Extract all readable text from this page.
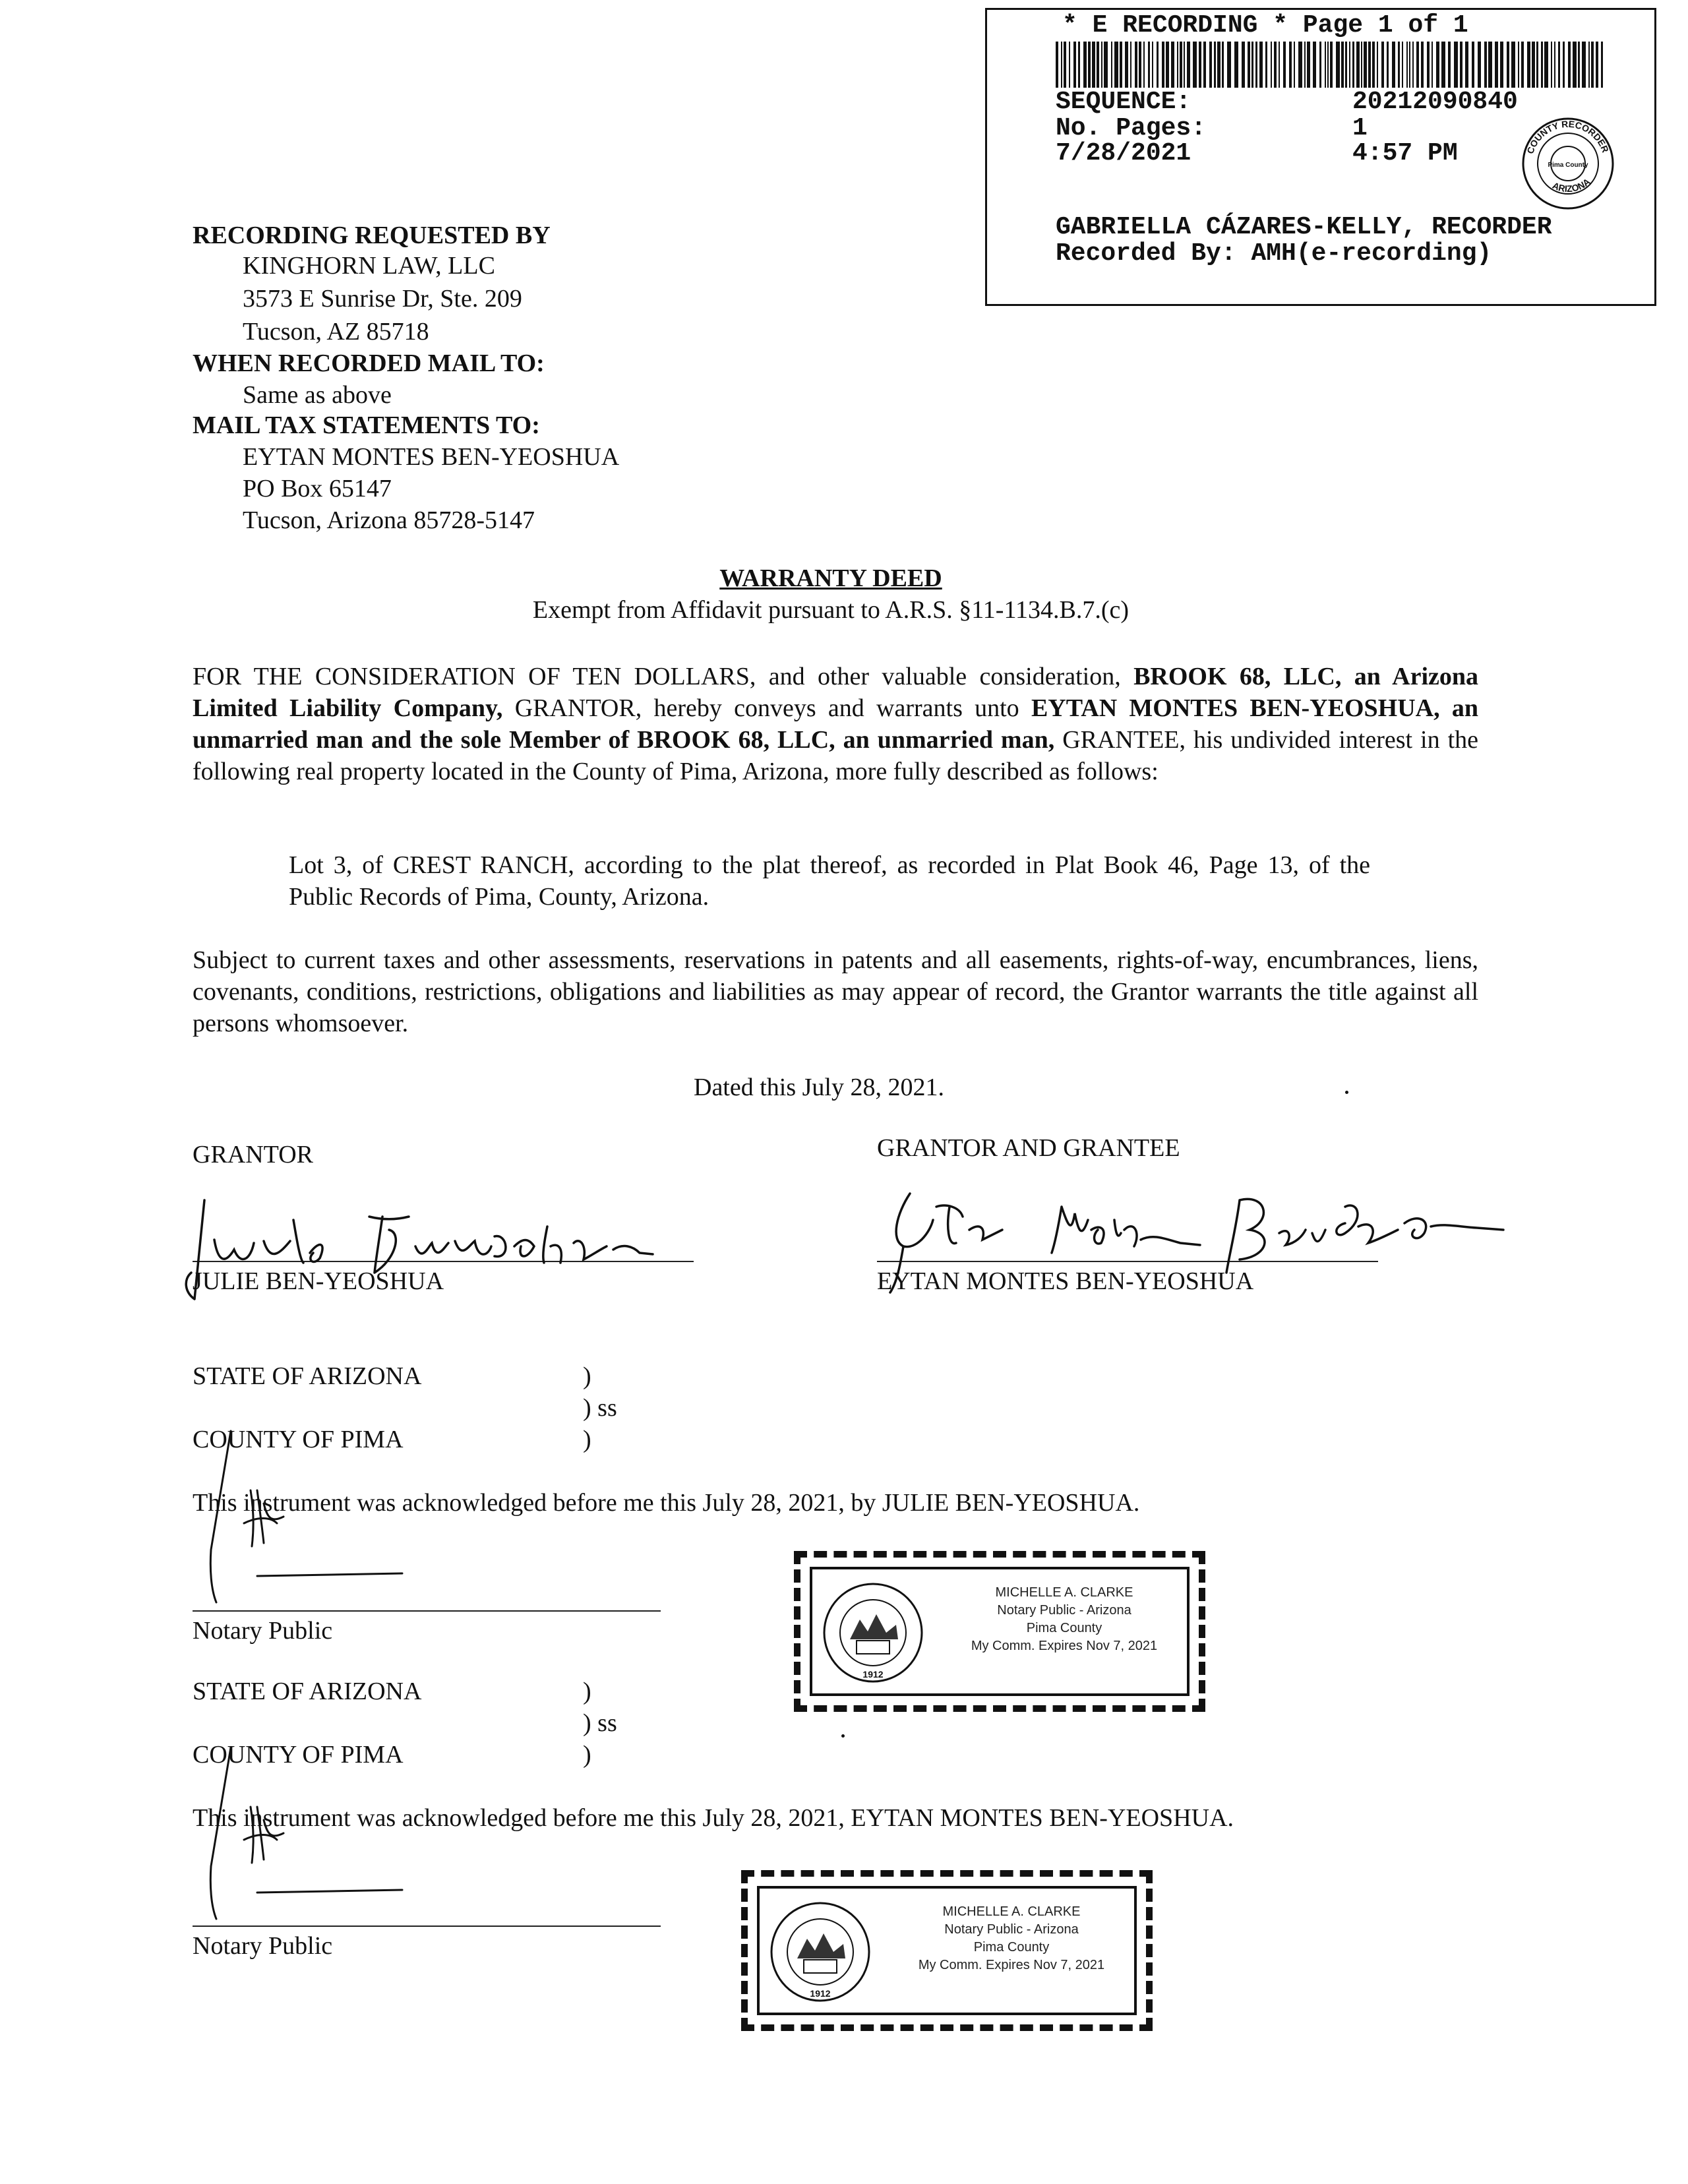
* E RECORDING * Page 1 of 1
SEQUENCE:	20212090840
No. Pages:	1
7/28/2021	4:57 PM	COUNTY RECORDER
ARIZONA
Pima County
GABRIELLA CÁZARES-KELLY, RECORDER
Recorded By: AMH(e-recording)
RECORDING REQUESTED BY
KINGHORN LAW, LLC
3573 E Sunrise Dr, Ste. 209
Tucson, AZ 85718
WHEN RECORDED MAIL TO:
Same as above
MAIL TAX STATEMENTS TO:
EYTAN MONTES BEN-YEOSHUA
PO Box 65147
Tucson, Arizona 85728-5147
WARRANTY DEED
Exempt from Affidavit pursuant to A.R.S. §11-1134.B.7.(c)
FOR THE CONSIDERATION OF TEN DOLLARS, and other valuable consideration, BROOK 68, LLC, an Arizona Limited Liability Company, GRANTOR, hereby conveys and warrants unto EYTAN MONTES BEN-YEOSHUA, an unmarried man and the sole Member of BROOK 68, LLC, an unmarried man, GRANTEE, his undivided interest in the following real property located in the County of Pima, Arizona, more fully described as follows:
Lot 3, of CREST RANCH, according to the plat thereof, as recorded in Plat Book 46, Page 13, of the Public Records of Pima, County, Arizona.
Subject to current taxes and other assessments, reservations in patents and all easements, rights-of-way, encumbrances, liens, covenants, conditions, restrictions, obligations and liabilities as may appear of record, the Grantor warrants the title against all persons whomsoever.
Dated this July 28, 2021.
GRANTOR	GRANTOR AND GRANTEE
JULIE BEN-YEOSHUA	EYTAN MONTES BEN-YEOSHUA
STATE OF ARIZONA	)
) ss
COUNTY OF PIMA	)
This instrument was acknowledged before me this July 28, 2021, by JULIE BEN-YEOSHUA.
Notary Public
1912
MICHELLE A. CLARKE
Notary Public - Arizona
Pima County
My Comm. Expires Nov 7, 2021
STATE OF ARIZONA	)
) ss
COUNTY OF PIMA	)
This instrument was acknowledged before me this July 28, 2021, EYTAN MONTES BEN-YEOSHUA.
Notary Public
1912
MICHELLE A. CLARKE
Notary Public - Arizona
Pima County
My Comm. Expires Nov 7, 2021
